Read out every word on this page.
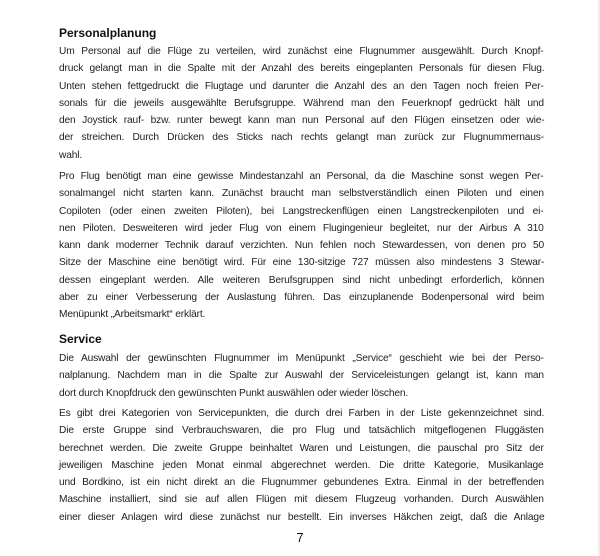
Personalplanung
Um Personal auf die Flüge zu verteilen, wird zunächst eine Flugnummer ausgewählt. Durch Knopf-
druck gelangt man in die Spalte mit der Anzahl des bereits eingeplanten Personals für diesen Flug.
Unten stehen fettgedruckt die Flugtage und darunter die Anzahl des an den Tagen noch freien Per-
sonals für die jeweils ausgewählte Berufsgruppe. Während man den Feuerknopf gedrückt hält und
den Joystick rauf- bzw. runter bewegt kann man nun Personal auf den Flügen einsetzen oder wie-
der streichen. Durch Drücken des Sticks nach rechts gelangt man zurück zur Flugnummernaus-
wahl.
Pro Flug benötigt man eine gewisse Mindestanzahl an Personal, da die Maschine sonst wegen Per-
sonalmangel nicht starten kann. Zunächst braucht man selbstverständlich einen Piloten und einen
Copiloten (oder einen zweiten Piloten), bei Langstreckenflügen einen Langstreckenpiloten und ei-
nen Piloten. Desweiteren wird jeder Flug von einem Flugingenieur begleitet, nur der Airbus A 310
kann dank moderner Technik darauf verzichten. Nun fehlen noch Stewardessen, von denen pro 50
Sitze der Maschine eine benötigt wird. Für eine 130-sitzige 727 müssen also mindestens 3 Stewar-
dessen eingeplant werden. Alle weiteren Berufsgruppen sind nicht unbedingt erforderlich, können
aber zu einer Verbesserung der Auslastung führen. Das einzuplanende Bodenpersonal wird beim
Menüpunkt „Arbeitsmarkt“ erklärt.
Service
Die Auswahl der gewünschten Flugnummer im Menüpunkt „Service“ geschieht wie bei der Perso-
nalplanung. Nachdem man in die Spalte zur Auswahl der Serviceleistungen gelangt ist, kann man
dort durch Knopfdruck den gewünschten Punkt auswählen oder wieder löschen.
Es gibt drei Kategorien von Servicepunkten, die durch drei Farben in der Liste gekennzeichnet sind.
Die erste Gruppe sind Verbrauchswaren, die pro Flug und tatsächlich mitgeflogenen Fluggästen
berechnet werden. Die zweite Gruppe beinhaltet Waren und Leistungen, die pauschal pro Sitz der
jeweiligen Maschine jeden Monat einmal abgerechnet werden. Die dritte Kategorie, Musikanlage
und Bordkino, ist ein nicht direkt an die Flugnummer gebundenes Extra. Einmal in der betreffenden
Maschine installiert, sind sie auf allen Flügen mit diesem Flugzeug vorhanden. Durch Auswählen
einer dieser Anlagen wird diese zunächst nur bestellt. Ein inverses Häkchen zeigt, daß die Anlage
7
